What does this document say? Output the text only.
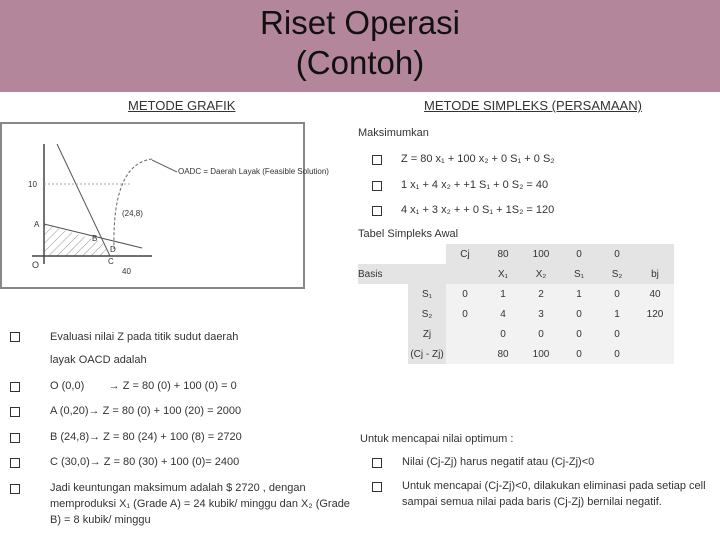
Riset Operasi
(Contoh)
METODE GRAFIK	METODE SIMPLEKS (PERSAMAAN)
OADC = Daerah Layak (Feasible Solution)
10
40
O
(24,8)
A
B
C
D
Maksimumkan
Z = 80 x₁ + 100 x₂ + 0 S₁ + 0 S₂
1 x₁ + 4 x₂ + +1 S₁ + 0 S₂ = 40
4 x₁ + 3 x₂ + + 0 S₁ + 1S₂ = 120
Tabel Simpleks Awal
		Cj	80	100	0	0	
Basis			X₁	X₂	S₁	S₂	bj
	S₁	0	1	2	1	0	40
	S₂	0	4	3	0	1	120
	Zj		0	0	0	0	
	(Cj - Zj)		80	100	0	0	
Evaluasi nilai Z pada titik sudut daerah
layak OACD adalah
O (0,0)        → Z = 80 (0) + 100 (0) = 0
A (0,20)→ Z = 80 (0) + 100 (20) = 2000
B (24,8)→ Z = 80 (24) + 100 (8) = 2720
C (30,0)→ Z = 80 (30) + 100 (0)= 2400
Jadi keuntungan maksimum adalah $ 2720 , dengan
memproduksi X₁ (Grade A) = 24 kubik/ minggu dan X₂ (Grade
B) = 8 kubik/ minggu
Untuk mencapai nilai optimum :
Nilai (Cj-Zj) harus negatif atau (Cj-Zj)<0
Untuk mencapai (Cj-Zj)<0, dilakukan eliminasi pada setiap cell
sampai semua nilai pada baris (Cj-Zj) bernilai negatif.
